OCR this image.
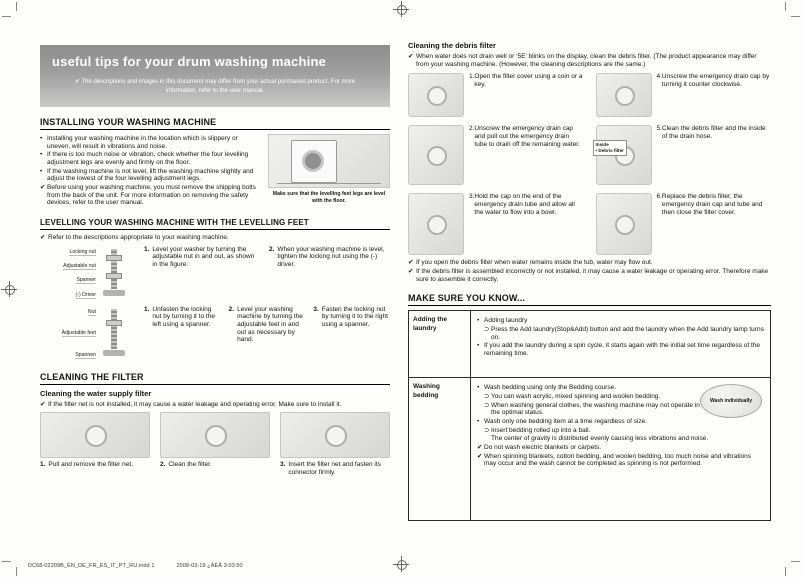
useful tips for your drum washing machine
✔ The descriptions and images in this document may differ from your actual purchased product. For more information, refer to the user manual.
INSTALLING YOUR WASHING MACHINE
• Installing your washing machine in the location which is slippery or uneven, will result in vibrations and noise.
• If there is too much noise or vibration, check whether the four levelling adjustment legs are evenly and firmly on the floor.
• If the washing machine is not level, lift the washing machine slightly and adjust the lowest of the four levelling adjustment legs.
✔ Before using your washing machine, you must remove the shipping bolts from the back of the unit. For more information on removing the safety devices, refer to the user manual.
Make sure that the levelling feet legs are level with the floor.
LEVELLING YOUR WASHING MACHINE WITH THE LEVELLING FEET
✔ Refer to the descriptions appropriate to your washing machine.
Locking nut
Adjustable nut
Spanner
(-) Driver
1. Level your washer by turning the adjustable nut in and out, as shown in the figure.
2. When your washing machine is level, tighten the locking nut using the (-) driver.
Nut
Adjustable feet
Spannen
1. Unfasten the locking nut by turning it to the left using a spanner.
2. Level your washing machine by turning the adjustable feet in and out as necessary by hand.
3. Fasten the locking nut by turning it to the right using a spanner.
CLEANING THE FILTER
Cleaning the water supply filter
✔ If the filter net is not installed, it may cause a water leakage and operating error. Make sure to install it.
1. Pull and remove the filter net.	2. Clean the filter.	3. Insert the filter net and fasten its connector firmly.
Cleaning the debris filter
✔ When water does not drain well or ‘5E’ blinks on the display, clean the debris filter. (The product appearance may differ from your washing machine. (However, the cleaning descriptions are the same.)
1. Open the filter cover using a coin or a key.
4. Unscrew the emergency drain cap by turning it counter clockwise.
2. Unscrew the emergency drain cap and pull out the emergency drain tube to drain off the remaining water.	Inside
• Debris filter
5. Clean the debris filter and the inside of the drain hose.
3. Hold the cap on the end of the emergency drain tube and allow all the water to flow into a bowl.
6. Replace the debris filter, the emergency drain cap and tube and then close the filter cover.
✔ If you open the debris filter when water remains inside the tub, water may flow out.
✔ If the debris filter is assembled incorrectly or not installed, it may cause a water leakage or operating error. Therefore make sure to assemble it correctly.
MAKE SURE YOU KNOW...
Adding the laundry
• Adding laundry
⊃ Press the Add laundry(Stop&Add) button and add the laundry when the Add laundry lamp turns on.
• If you add the laundry during a spin cycle, it starts again with the initial set time regardless of the remaining time.
Washing bedding
• Wash bedding using only the Bedding course.
⊃ You can wash acrylic, mixed spinning and woolen bedding.
⊃ When washing general clothes, the washing machine may not operate in the optimal status.
• Wash only one bedding item at a time regardless of size.
⊃ Insert bedding rolled up into a ball.
The center of gravity is distributed evenly causing less vibrations and noise.
✔ Do not wash electric blankets or carpets.
✔ When spinning blankets, cotton bedding, and woolen bedding, too much noise and vibrations may occur and the wash cannot be completed as spinning is not performed.
Wash individually
DC68-02209B_EN_DE_FR_ES_IT_PT_RU.indd 1	2008-03-19 ¿ÀÈÄ 3:03:50
